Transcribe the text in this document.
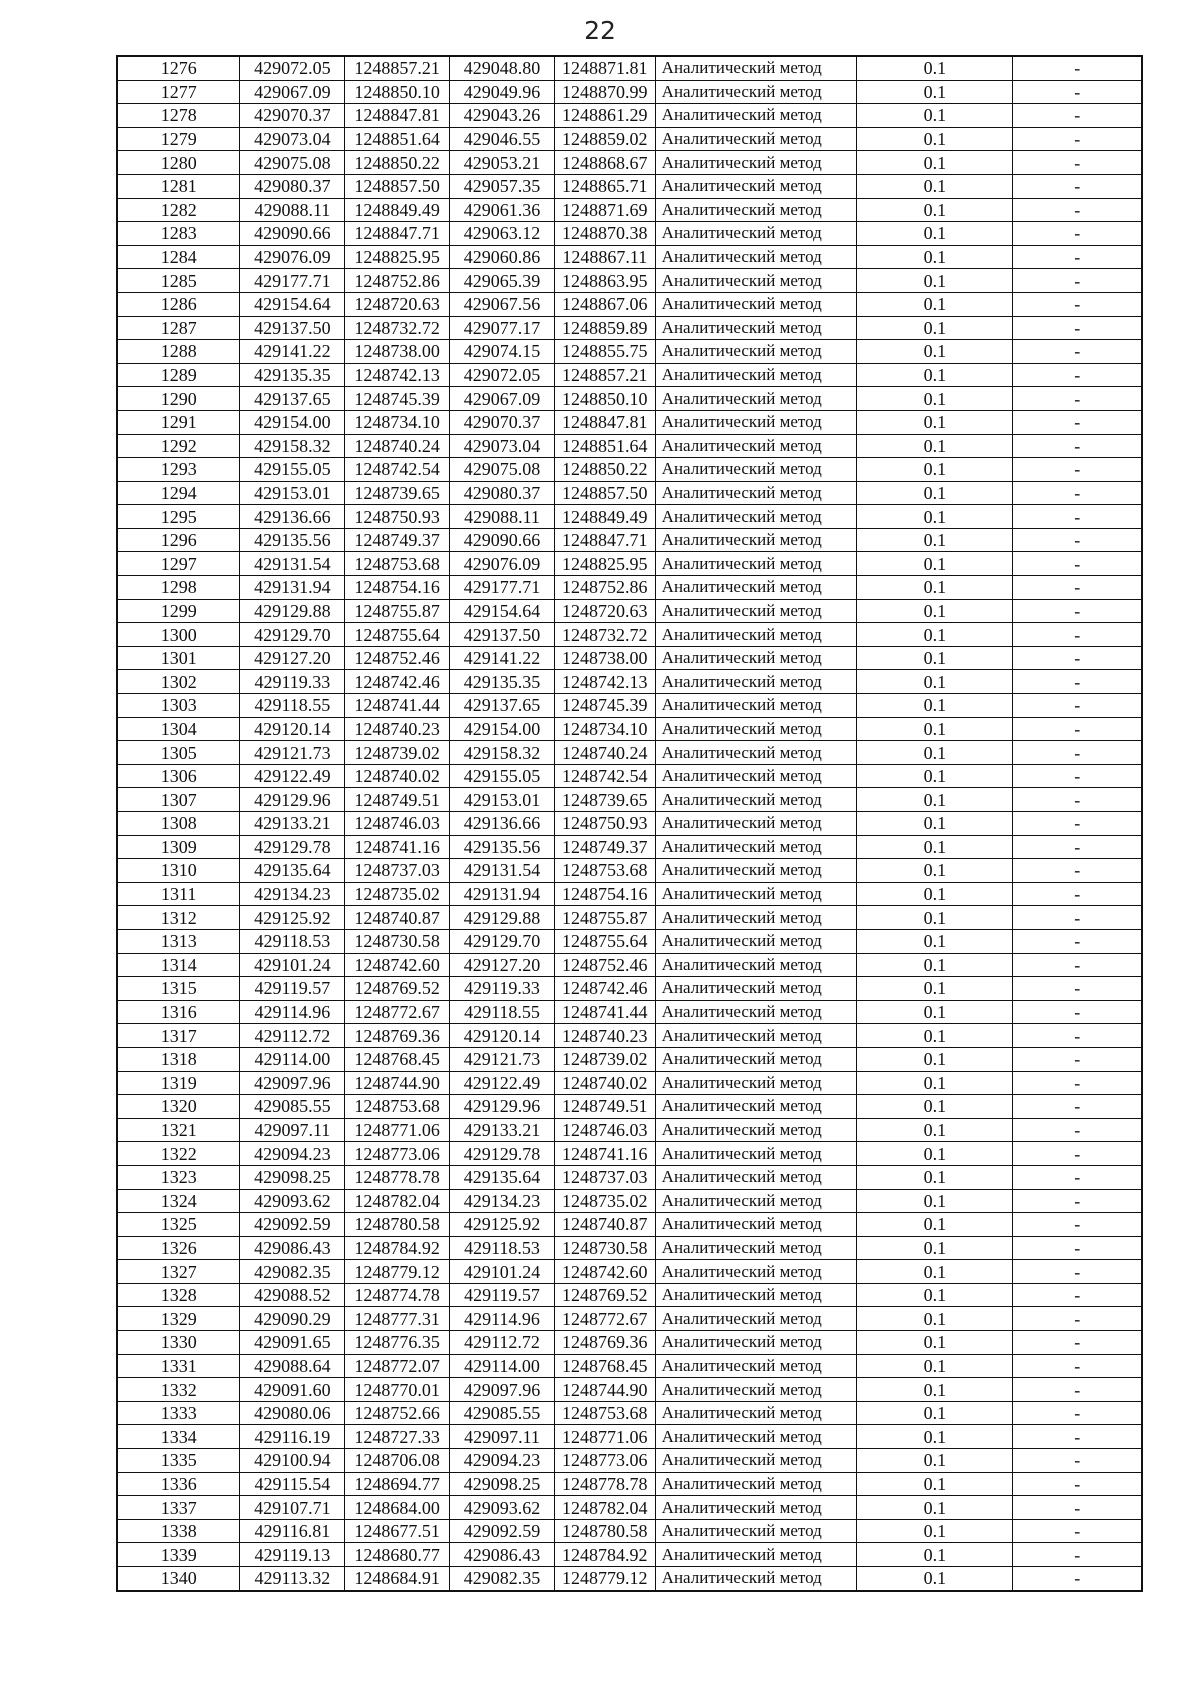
22
1276	429072.05	1248857.21	429048.80	1248871.81	Аналитический метод	0.1	-
1277	429067.09	1248850.10	429049.96	1248870.99	Аналитический метод	0.1	-
1278	429070.37	1248847.81	429043.26	1248861.29	Аналитический метод	0.1	-
1279	429073.04	1248851.64	429046.55	1248859.02	Аналитический метод	0.1	-
1280	429075.08	1248850.22	429053.21	1248868.67	Аналитический метод	0.1	-
1281	429080.37	1248857.50	429057.35	1248865.71	Аналитический метод	0.1	-
1282	429088.11	1248849.49	429061.36	1248871.69	Аналитический метод	0.1	-
1283	429090.66	1248847.71	429063.12	1248870.38	Аналитический метод	0.1	-
1284	429076.09	1248825.95	429060.86	1248867.11	Аналитический метод	0.1	-
1285	429177.71	1248752.86	429065.39	1248863.95	Аналитический метод	0.1	-
1286	429154.64	1248720.63	429067.56	1248867.06	Аналитический метод	0.1	-
1287	429137.50	1248732.72	429077.17	1248859.89	Аналитический метод	0.1	-
1288	429141.22	1248738.00	429074.15	1248855.75	Аналитический метод	0.1	-
1289	429135.35	1248742.13	429072.05	1248857.21	Аналитический метод	0.1	-
1290	429137.65	1248745.39	429067.09	1248850.10	Аналитический метод	0.1	-
1291	429154.00	1248734.10	429070.37	1248847.81	Аналитический метод	0.1	-
1292	429158.32	1248740.24	429073.04	1248851.64	Аналитический метод	0.1	-
1293	429155.05	1248742.54	429075.08	1248850.22	Аналитический метод	0.1	-
1294	429153.01	1248739.65	429080.37	1248857.50	Аналитический метод	0.1	-
1295	429136.66	1248750.93	429088.11	1248849.49	Аналитический метод	0.1	-
1296	429135.56	1248749.37	429090.66	1248847.71	Аналитический метод	0.1	-
1297	429131.54	1248753.68	429076.09	1248825.95	Аналитический метод	0.1	-
1298	429131.94	1248754.16	429177.71	1248752.86	Аналитический метод	0.1	-
1299	429129.88	1248755.87	429154.64	1248720.63	Аналитический метод	0.1	-
1300	429129.70	1248755.64	429137.50	1248732.72	Аналитический метод	0.1	-
1301	429127.20	1248752.46	429141.22	1248738.00	Аналитический метод	0.1	-
1302	429119.33	1248742.46	429135.35	1248742.13	Аналитический метод	0.1	-
1303	429118.55	1248741.44	429137.65	1248745.39	Аналитический метод	0.1	-
1304	429120.14	1248740.23	429154.00	1248734.10	Аналитический метод	0.1	-
1305	429121.73	1248739.02	429158.32	1248740.24	Аналитический метод	0.1	-
1306	429122.49	1248740.02	429155.05	1248742.54	Аналитический метод	0.1	-
1307	429129.96	1248749.51	429153.01	1248739.65	Аналитический метод	0.1	-
1308	429133.21	1248746.03	429136.66	1248750.93	Аналитический метод	0.1	-
1309	429129.78	1248741.16	429135.56	1248749.37	Аналитический метод	0.1	-
1310	429135.64	1248737.03	429131.54	1248753.68	Аналитический метод	0.1	-
1311	429134.23	1248735.02	429131.94	1248754.16	Аналитический метод	0.1	-
1312	429125.92	1248740.87	429129.88	1248755.87	Аналитический метод	0.1	-
1313	429118.53	1248730.58	429129.70	1248755.64	Аналитический метод	0.1	-
1314	429101.24	1248742.60	429127.20	1248752.46	Аналитический метод	0.1	-
1315	429119.57	1248769.52	429119.33	1248742.46	Аналитический метод	0.1	-
1316	429114.96	1248772.67	429118.55	1248741.44	Аналитический метод	0.1	-
1317	429112.72	1248769.36	429120.14	1248740.23	Аналитический метод	0.1	-
1318	429114.00	1248768.45	429121.73	1248739.02	Аналитический метод	0.1	-
1319	429097.96	1248744.90	429122.49	1248740.02	Аналитический метод	0.1	-
1320	429085.55	1248753.68	429129.96	1248749.51	Аналитический метод	0.1	-
1321	429097.11	1248771.06	429133.21	1248746.03	Аналитический метод	0.1	-
1322	429094.23	1248773.06	429129.78	1248741.16	Аналитический метод	0.1	-
1323	429098.25	1248778.78	429135.64	1248737.03	Аналитический метод	0.1	-
1324	429093.62	1248782.04	429134.23	1248735.02	Аналитический метод	0.1	-
1325	429092.59	1248780.58	429125.92	1248740.87	Аналитический метод	0.1	-
1326	429086.43	1248784.92	429118.53	1248730.58	Аналитический метод	0.1	-
1327	429082.35	1248779.12	429101.24	1248742.60	Аналитический метод	0.1	-
1328	429088.52	1248774.78	429119.57	1248769.52	Аналитический метод	0.1	-
1329	429090.29	1248777.31	429114.96	1248772.67	Аналитический метод	0.1	-
1330	429091.65	1248776.35	429112.72	1248769.36	Аналитический метод	0.1	-
1331	429088.64	1248772.07	429114.00	1248768.45	Аналитический метод	0.1	-
1332	429091.60	1248770.01	429097.96	1248744.90	Аналитический метод	0.1	-
1333	429080.06	1248752.66	429085.55	1248753.68	Аналитический метод	0.1	-
1334	429116.19	1248727.33	429097.11	1248771.06	Аналитический метод	0.1	-
1335	429100.94	1248706.08	429094.23	1248773.06	Аналитический метод	0.1	-
1336	429115.54	1248694.77	429098.25	1248778.78	Аналитический метод	0.1	-
1337	429107.71	1248684.00	429093.62	1248782.04	Аналитический метод	0.1	-
1338	429116.81	1248677.51	429092.59	1248780.58	Аналитический метод	0.1	-
1339	429119.13	1248680.77	429086.43	1248784.92	Аналитический метод	0.1	-
1340	429113.32	1248684.91	429082.35	1248779.12	Аналитический метод	0.1	-
